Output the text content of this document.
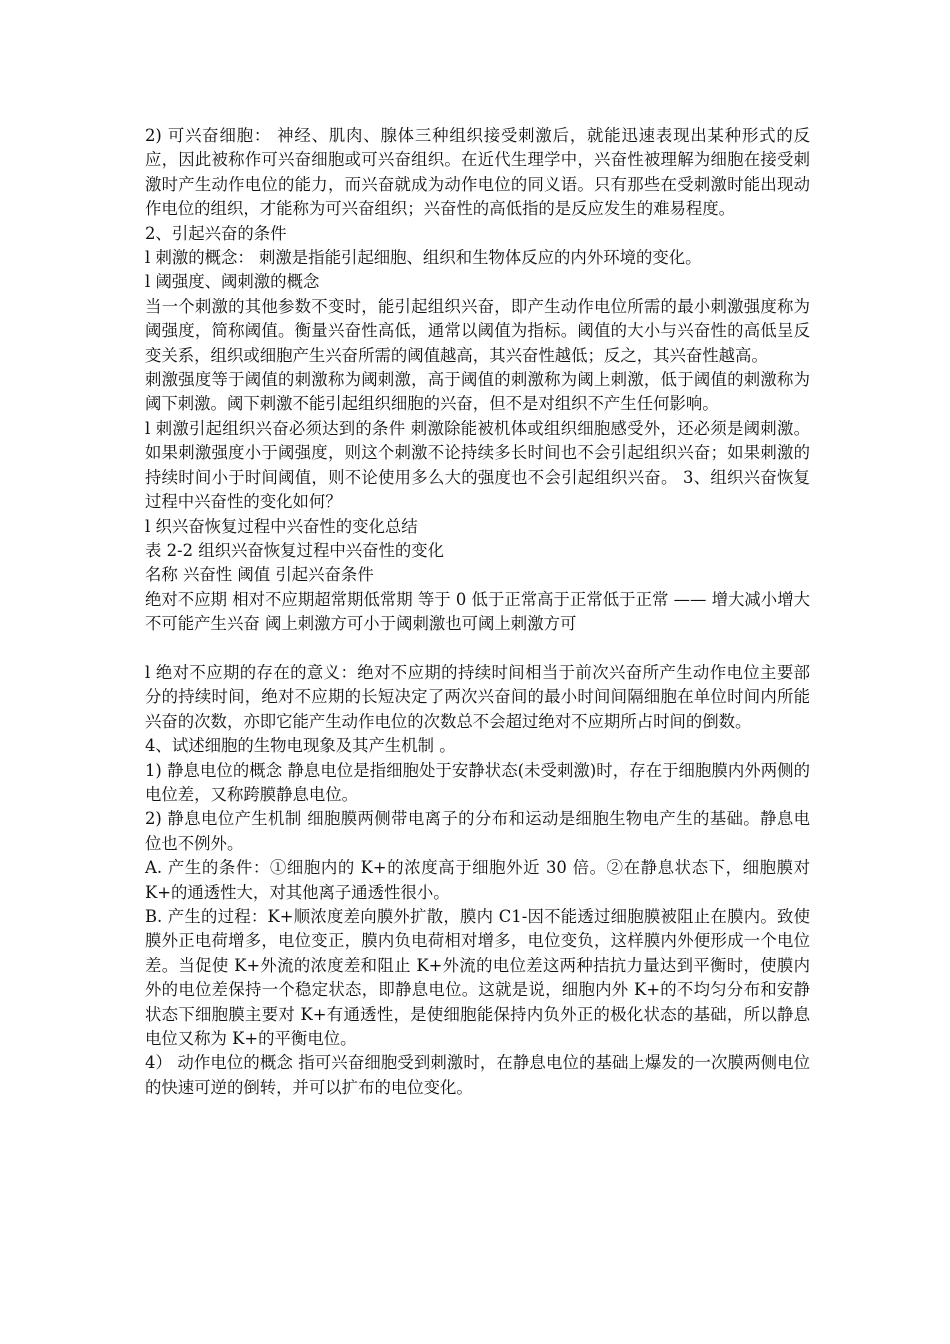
2) 可兴奋细胞： 神经、肌肉、腺体三种组织接受刺激后，就能迅速表现出某种形式的反应，因此被称作可兴奋细胞或可兴奋组织。在近代生理学中，兴奋性被理解为细胞在接受刺激时产生动作电位的能力，而兴奋就成为动作电位的同义语。只有那些在受刺激时能出现动作电位的组织，才能称为可兴奋组织；兴奋性的高低指的是反应发生的难易程度。

2、引起兴奋的条件

l 刺激的概念： 刺激是指能引起细胞、组织和生物体反应的内外环境的变化。

l 阈强度、阈刺激的概念

当一个刺激的其他参数不变时，能引起组织兴奋，即产生动作电位所需的最小刺激强度称为阈强度，简称阈值。衡量兴奋性高低，通常以阈值为指标。阈值的大小与兴奋性的高低呈反变关系，组织或细胞产生兴奋所需的阈值越高，其兴奋性越低；反之，其兴奋性越高。

刺激强度等于阈值的刺激称为阈刺激，高于阈值的刺激称为阈上刺激，低于阈值的刺激称为阈下刺激。阈下刺激不能引起组织细胞的兴奋，但不是对组织不产生任何影响。

l 刺激引起组织兴奋必须达到的条件 刺激除能被机体或组织细胞感受外，还必须是阈刺激。如果刺激强度小于阈强度，则这个刺激不论持续多长时间也不会引起组织兴奋；如果刺激的持续时间小于时间阈值，则不论使用多么大的强度也不会引起组织兴奋。 3、组织兴奋恢复过程中兴奋性的变化如何？

l 织兴奋恢复过程中兴奋性的变化总结

表 2-2 组织兴奋恢复过程中兴奋性的变化

名称 兴奋性 阈值 引起兴奋条件

绝对不应期 相对不应期超常期低常期 等于 0 低于正常高于正常低于正常 —— 增大减小增大 不可能产生兴奋 阈上刺激方可小于阈刺激也可阈上刺激方可

l 绝对不应期的存在的意义：绝对不应期的持续时间相当于前次兴奋所产生动作电位主要部分的持续时间，绝对不应期的长短决定了两次兴奋间的最小时间间隔细胞在单位时间内所能兴奋的次数，亦即它能产生动作电位的次数总不会超过绝对不应期所占时间的倒数。

4、试述细胞的生物电现象及其产生机制 。

1) 静息电位的概念 静息电位是指细胞处于安静状态(未受刺激)时，存在于细胞膜内外两侧的电位差，又称跨膜静息电位。

2) 静息电位产生机制 细胞膜两侧带电离子的分布和运动是细胞生物电产生的基础。静息电位也不例外。

A. 产生的条件：①细胞内的 K+的浓度高于细胞外近 30 倍。②在静息状态下，细胞膜对 K+的通透性大，对其他离子通透性很小。

B. 产生的过程：K+顺浓度差向膜外扩散，膜内 C1-因不能透过细胞膜被阻止在膜内。致使膜外正电荷增多，电位变正，膜内负电荷相对增多，电位变负，这样膜内外便形成一个电位差。当促使 K+外流的浓度差和阻止 K+外流的电位差这两种拮抗力量达到平衡时，使膜内外的电位差保持一个稳定状态，即静息电位。这就是说，细胞内外 K+的不均匀分布和安静状态下细胞膜主要对 K+有通透性，是使细胞能保持内负外正的极化状态的基础，所以静息电位又称为 K+的平衡电位。

4） 动作电位的概念 指可兴奋细胞受到刺激时，在静息电位的基础上爆发的一次膜两侧电位的快速可逆的倒转，并可以扩布的电位变化。
